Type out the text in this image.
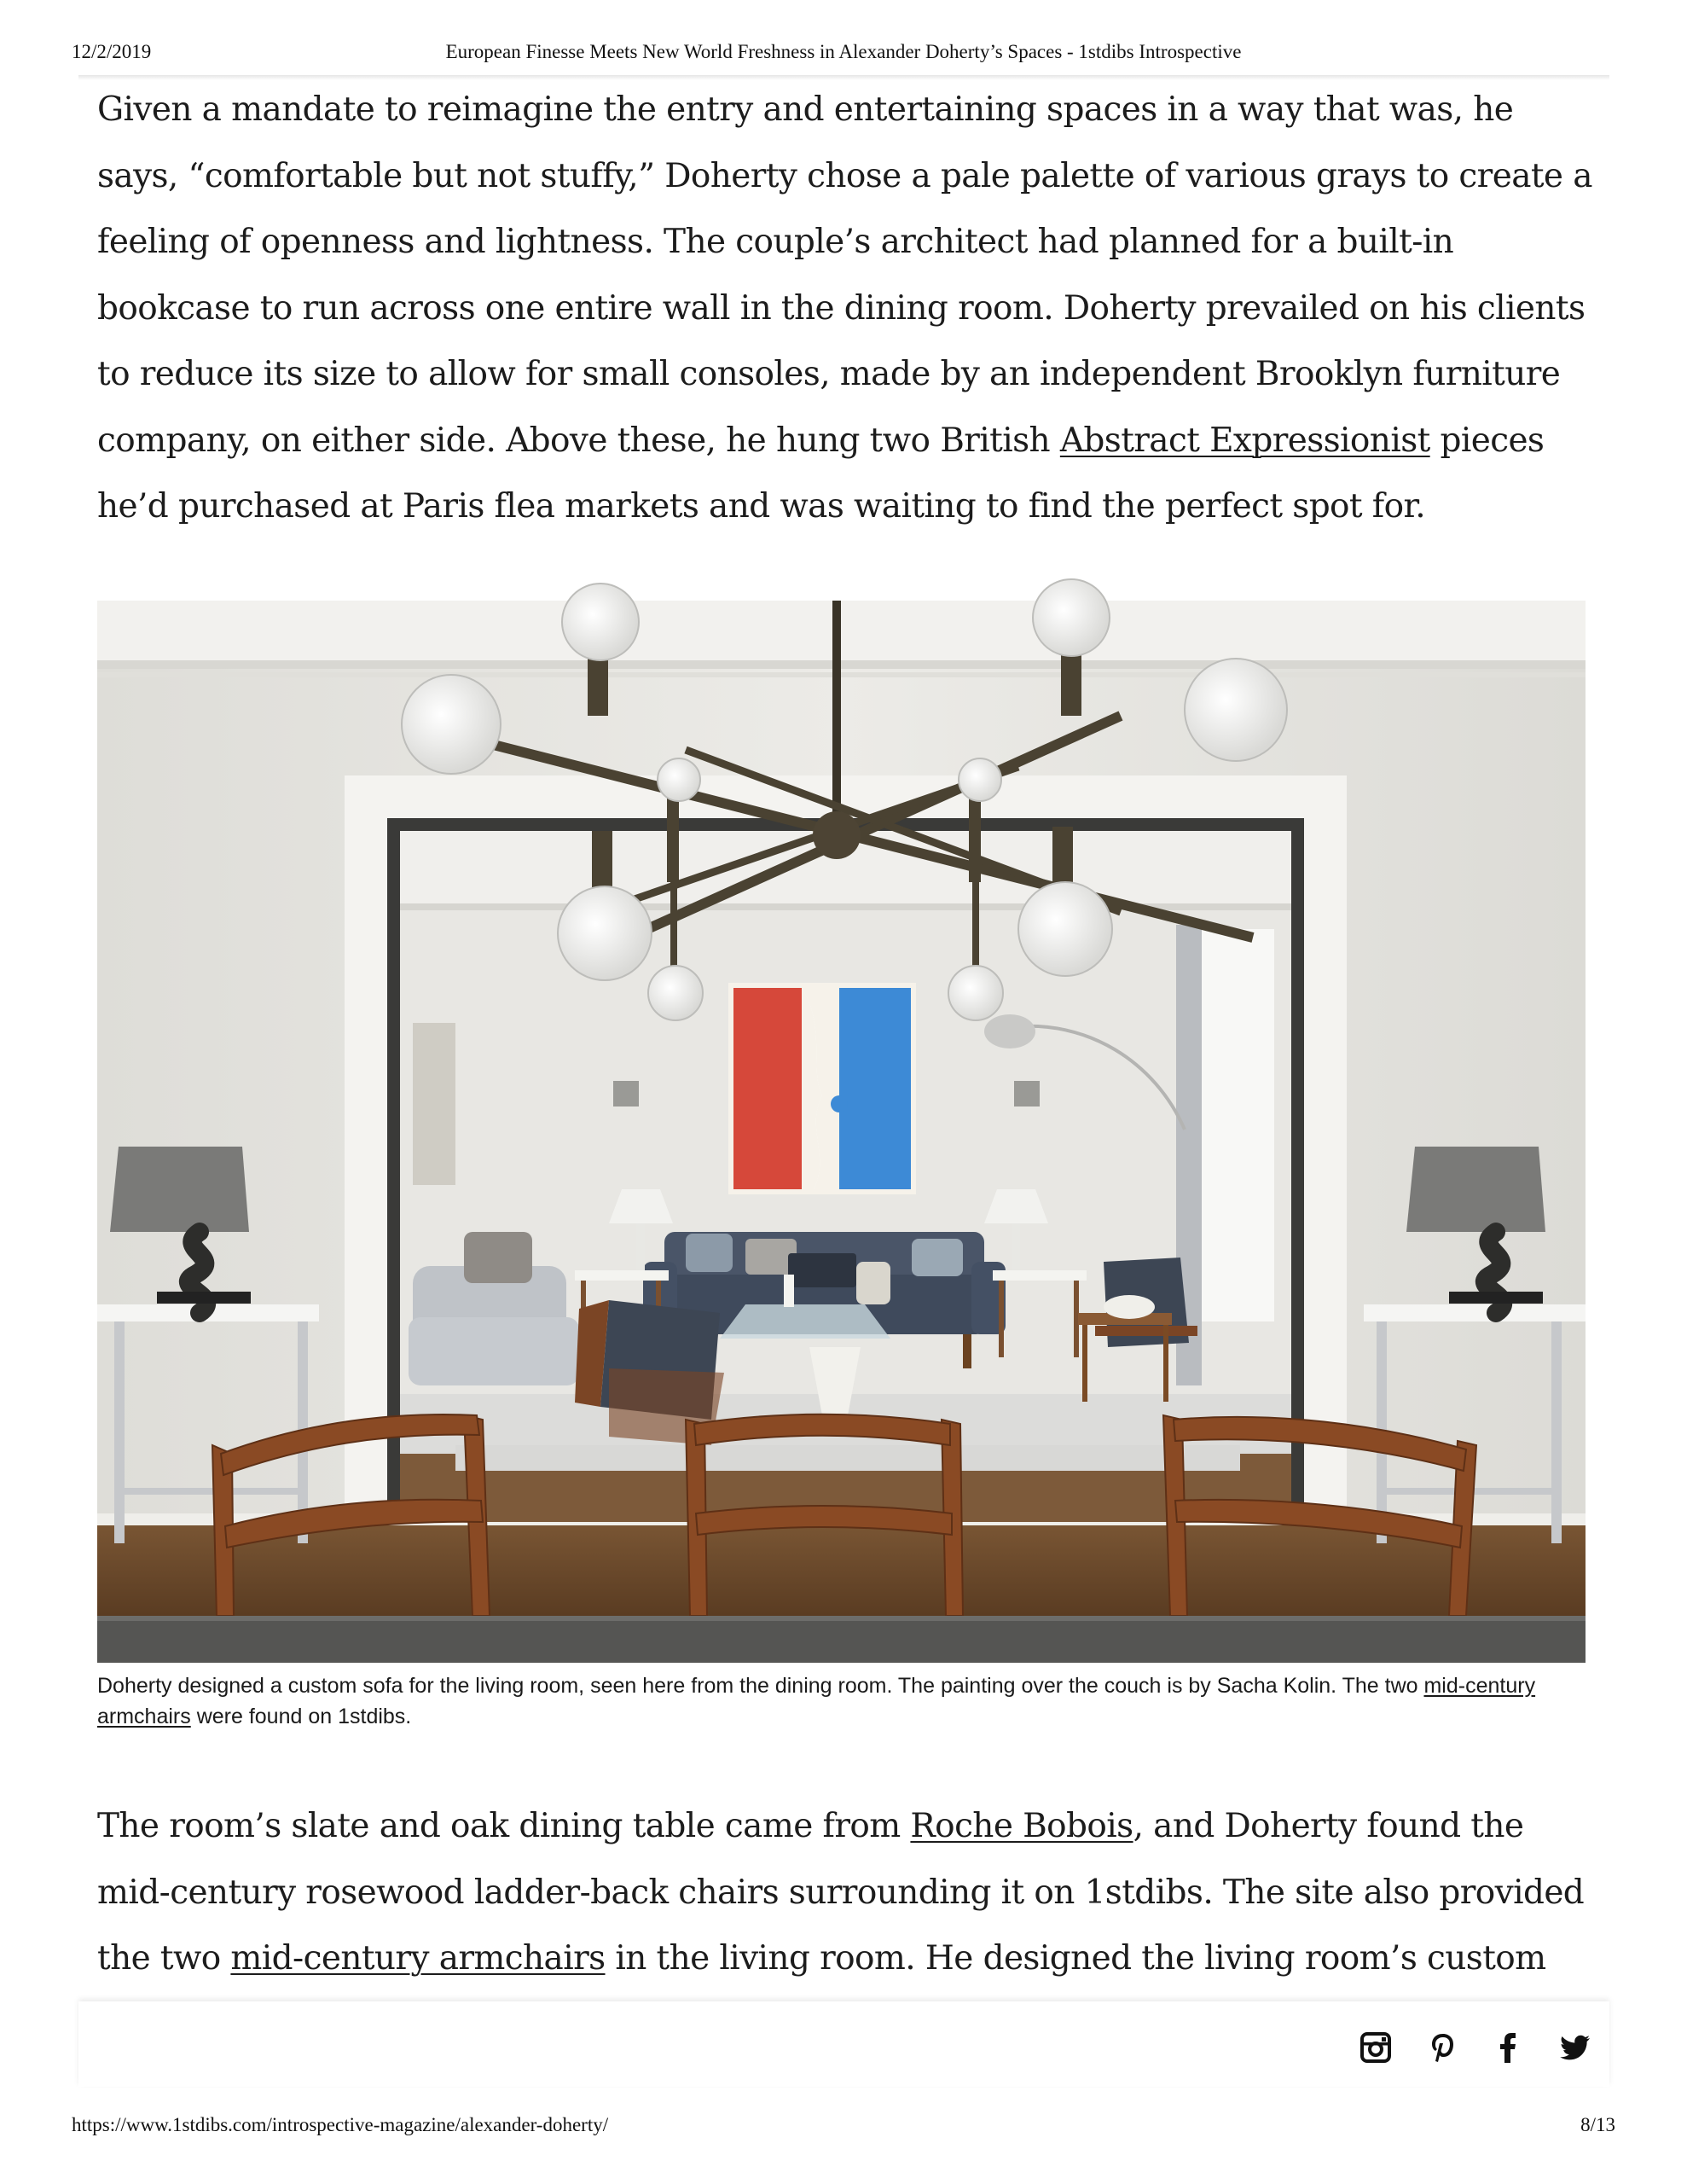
12/2/2019	European Finesse Meets New World Freshness in Alexander Doherty’s Spaces - 1stdibs Introspective

Given a mandate to reimagine the entry and entertaining spaces in a way that was, he says, “comfortable but not stuffy,” Doherty chose a pale palette of various grays to create a feeling of openness and lightness. The couple’s architect had planned for a built-in bookcase to run across one entire wall in the dining room. Doherty prevailed on his clients to reduce its size to allow for small consoles, made by an independent Brooklyn furniture company, on either side. Above these, he hung two British Abstract Expressionist pieces he’d purchased at Paris flea markets and was waiting to find the perfect spot for.

Doherty designed a custom sofa for the living room, seen here from the dining room. The painting over the couch is by Sacha Kolin. The two mid-century armchairs were found on 1stdibs.

The room’s slate and oak dining table came from Roche Bobois, and Doherty found the mid-century rosewood ladder-back chairs surrounding it on 1stdibs. The site also provided the two mid-century armchairs in the living room. He designed the living room’s custom

https://www.1stdibs.com/introspective-magazine/alexander-doherty/	8/13
